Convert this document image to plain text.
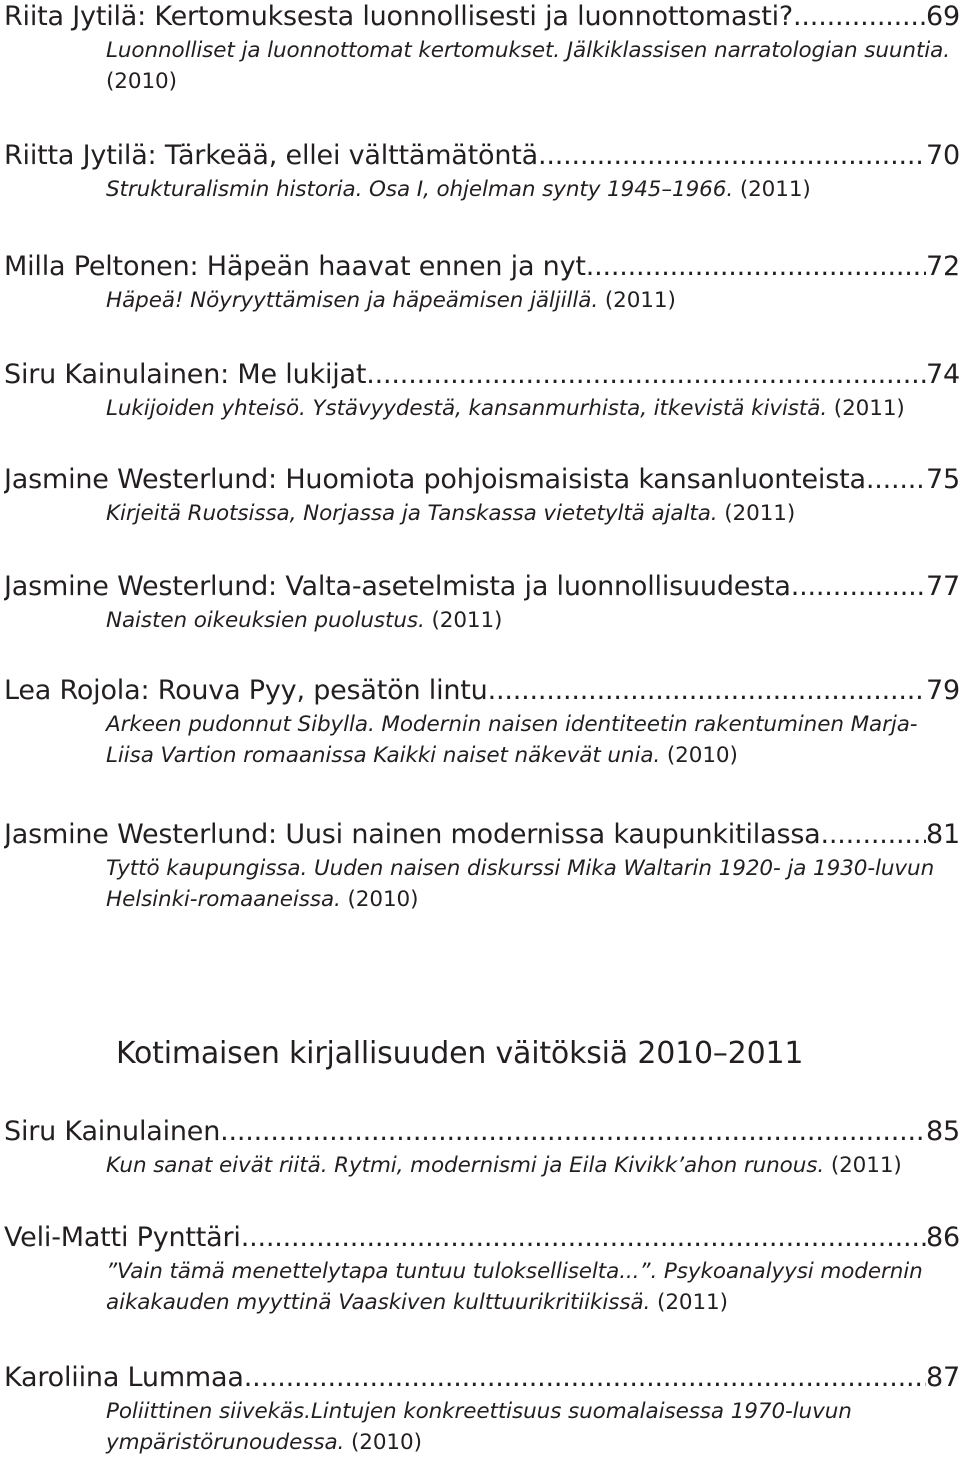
Riita Jytilä: Kertomuksesta luonnollisesti ja luonnottomasti? .....	69
Luonnolliset ja luonnottomat kertomukset. Jälkiklassisen narratologian suuntia. (2010)
Riitta Jytilä: Tärkeää, ellei välttämätöntä .....	70
Strukturalismin historia. Osa I, ohjelman synty 1945–1966. (2011)
Milla Peltonen: Häpeän haavat ennen ja nyt .....	72
Häpeä! Nöyryyttämisen ja häpeämisen jäljillä. (2011)
Siru Kainulainen: Me lukijat .....	74
Lukijoiden yhteisö. Ystävyydestä, kansanmurhista, itkevistä kivistä. (2011)
Jasmine Westerlund: Huomiota pohjoismaisista kansanluonteista ..... 75
Kirjeitä Ruotsissa, Norjassa ja Tanskassa vietetyltä ajalta. (2011)
Jasmine Westerlund: Valta-asetelmista ja luonnollisuudesta .....	77
Naisten oikeuksien puolustus. (2011)
Lea Rojola: Rouva Pyy, pesätön lintu .....	79
Arkeen pudonnut Sibylla. Modernin naisen identiteetin rakentuminen Marja-Liisa Vartion romaanissa Kaikki naiset näkevät unia. (2010)
Jasmine Westerlund: Uusi nainen modernissa kaupunkitilassa .....	81
Tyttö kaupungissa. Uuden naisen diskurssi Mika Waltarin 1920- ja 1930-luvun Helsinki-romaaneissa. (2010)
Kotimaisen kirjallisuuden väitöksiä 2010–2011
Siru Kainulainen .....	85
Kun sanat eivät riitä. Rytmi, modernismi ja Eila Kivikk’ahon runous. (2011)
Veli-Matti Pynttäri .....	86
”Vain tämä menettelytapa tuntuu tulokselliselta...”. Psykoanalyysi modernin aikakauden myyttinä Vaaskiven kulttuurikritiikissä. (2011)
Karoliina Lummaa .....	87
Poliittinen siivekäs.Lintujen konkreettisuus suomalaisessa 1970-luvun ympäristörunoudessa. (2010)
